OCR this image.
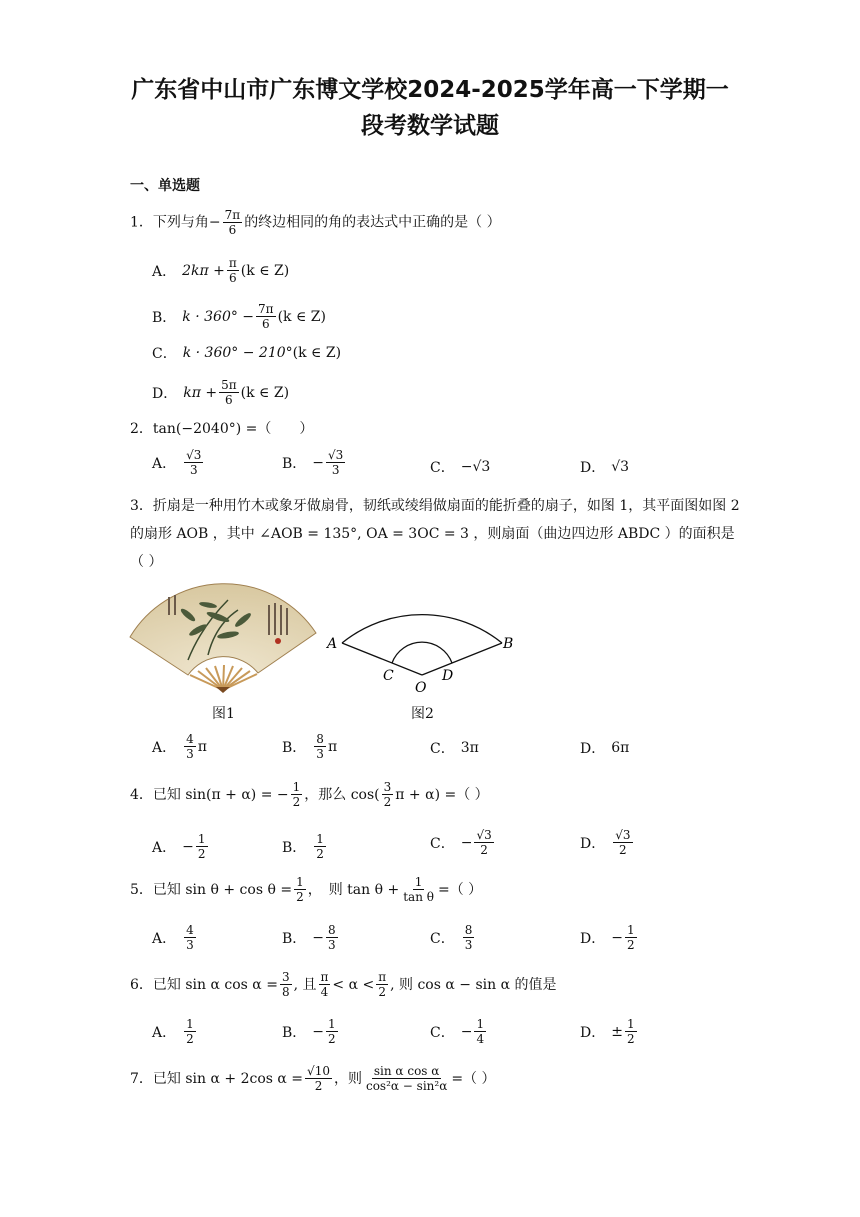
广东省中山市广东博文学校2024-2025学年高一下学期一
段考数学试题
一、单选题
1．下列与角− $\frac{7\pi}{6}$ 的终边相同的角的表达式中正确的是（ ）
A． $2k\pi + \frac{\pi}{6} (k$ ∈ Z)
B． $k \cdot 360^\circ - \frac{7\pi}{6} (k$ ∈ Z)
C． k · 360° − 210° (k ∈ Z)
D． $k\pi + \frac{5\pi}{6} (k$ ∈ Z)
2．tan(−2040°) =（　　）
A． $\frac{√3}{3}$	B． − $\frac{√3}{3}$	C． −√3	D． √3
3．折扇是一种用竹木或象牙做扇骨，韧纸或绫绢做扇面的能折叠的扇子，如图 1，其平面图如图 2 的扇形 AOB ，其中 ∠AOB = 135°, OA = 3OC = 3 ，则扇面（曲边四边形 ABDC ）的面积是（ ）
图1
A	B
C	D
O
图2
A． $\frac{4}{3}$ π	B． $\frac{8}{3}$ π	C． 3π	D． 6π
4． 已知 sin(π + α) = − $\frac{1}{2}$ ，那么 $\cos( \frac{3}{2}$ π + α) =（ ）
A． − $\frac{1}{2}$	B． $\frac{1}{2}$	C． − $\frac{√3}{2}$	D． $\frac{√3}{2}$
5． 已知 $\sin \theta + \cos \theta = \frac{1}{2}$ ，　则 $\tan \theta + \frac{1}{\text{tan θ}}$ =（ ）
A． $\frac{4}{3}$	B． − $\frac{8}{3}$	C． $\frac{8}{3}$	D． − $\frac{1}{2}$
6． 已知 sin α $\cos \alpha = \frac{3}{8}$ , 且 $\frac{\pi}{4} < \alpha < \frac{\pi}{2}$ , 则 cos α − sin α 的值是
A． $\frac{1}{2}$	B． − $\frac{1}{2}$	C． − $\frac{1}{4}$	D． ± $\frac{1}{2}$
7． 已知 sin α + 2cos $\alpha = \frac{√10}{2}$ ，则 $\frac{\text{sin α cos α}}{\text{cos²α − sin²α}}$ =（ ）
